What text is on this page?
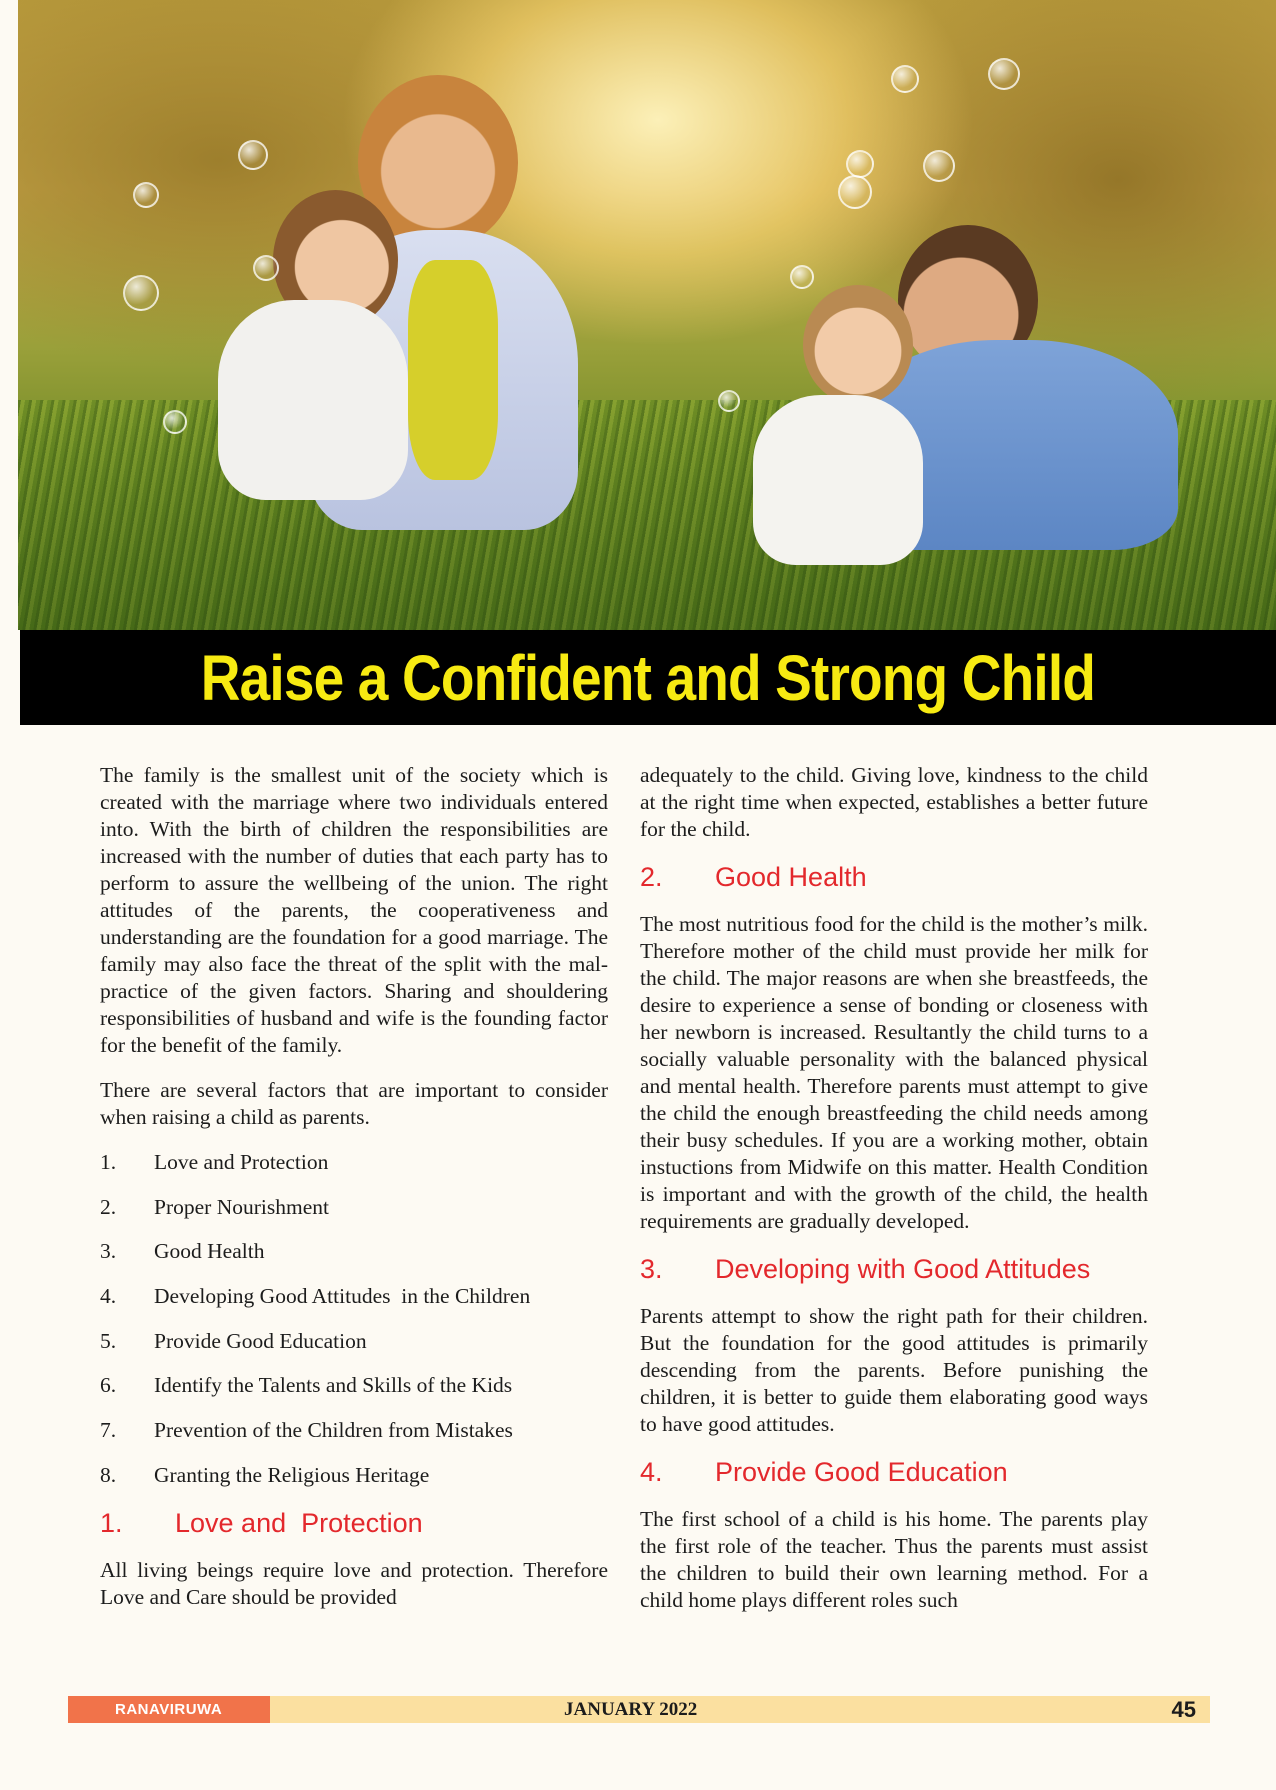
Raise a Confident and Strong Child

The family is the smallest unit of the society which is created with the marriage where two individuals entered into. With the birth of children the responsibilities are increased with the number of duties that each party has to perform to assure the wellbeing of the union. The right attitudes of the parents, the cooperativeness and understanding are the foundation for a good marriage. The family may also face the threat of the split with the mal-practice of the given factors. Sharing and shouldering responsibilities of husband and wife is the founding factor for the benefit of the family.

There are several factors that are important to consider when raising a child as parents.

1.	Love and Protection
2.	Proper Nourishment
3.	Good Health
4.	Developing Good Attitudes  in the Children
5.	Provide Good Education
6.	Identify the Talents and Skills of the Kids
7.	Prevention of the Children from Mistakes
8.	Granting the Religious Heritage
1.	Love and  Protection

All living beings require love and protection. Therefore Love and Care should be provided

adequately to the child. Giving love, kindness to the child at the right time when expected, establishes a better future for the child.

2.	Good Health

The most nutritious food for the child is the mother’s milk. Therefore mother of the child must provide her milk for the child. The major reasons are when she breastfeeds, the desire to experience a sense of bonding or closeness with her newborn is increased. Resultantly the child turns to a socially valuable personality with the balanced physical and mental health. Therefore parents must attempt to give the child the enough breastfeeding the child needs among their busy schedules. If you are a working mother, obtain instuctions from Midwife on this matter. Health Condition is important and with the growth of the child, the health requirements are gradually developed.

3.	Developing with Good Attitudes

Parents attempt to show the right path for their children. But the foundation for the good attitudes is primarily descending from the parents. Before punishing the children, it is better to guide them elaborating good ways to have good attitudes.

4.	Provide Good Education

The first school of a child is his home. The parents play the first role of the teacher. Thus the parents must assist the children to build their own learning method. For a child home plays different roles such

RANAVIRUWA	JANUARY 2022	45
